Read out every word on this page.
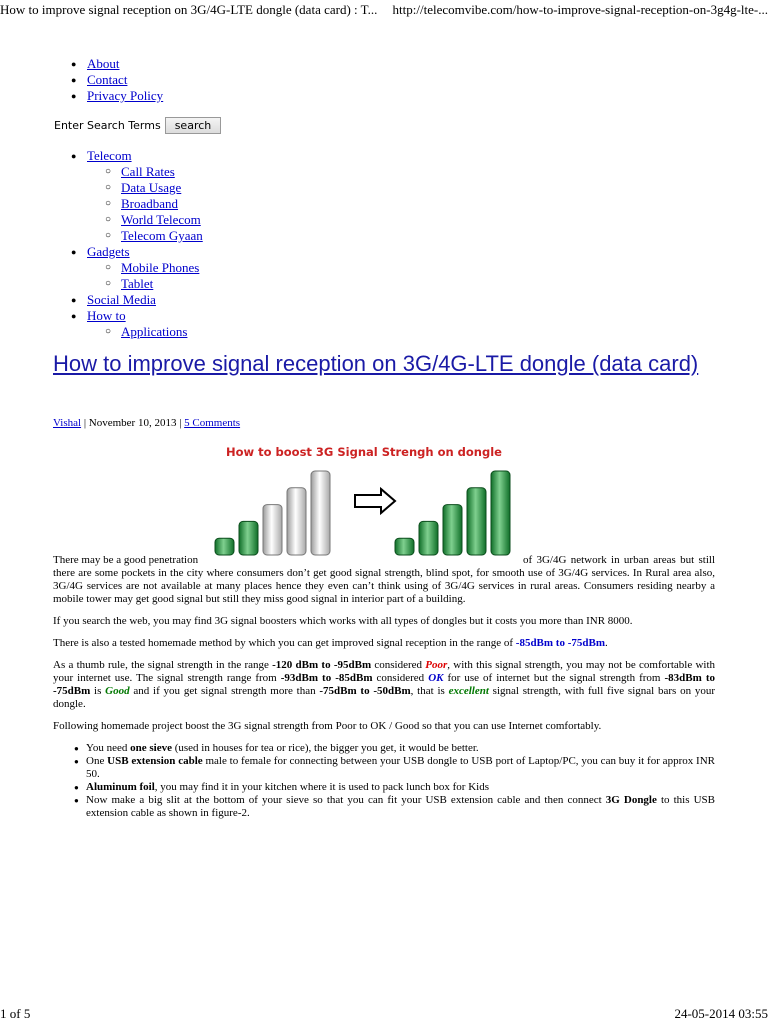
How to improve signal reception on 3G/4G-LTE dongle (data card) : T... http://telecomvibe.com/how-to-improve-signal-reception-on-3g4g-lte-...
● About
● Contact
● Privacy Policy
Enter Search Terms	search
● Telecom
○ Call Rates
○ Data Usage
○ Broadband
○ World Telecom
○ Telecom Gyaan
● Gadgets
○ Mobile Phones
○ Tablet
● Social Media
● How to
○ Applications
How to improve signal reception on 3G/4G-LTE dongle (data card)
Vishal | November 10, 2013 | 5 Comments
How to boost 3G Signal Strengh on dongle

There may be a good penetration	of 3G/4G network in urban areas but still there are some pockets in the city where consumers don’t get good signal strength, blind spot, for smooth use of 3G/4G services. In Rural area also, 3G/4G services are not available at many places hence they even can’t think using of 3G/4G services in rural areas. Consumers residing nearby a mobile tower may get good signal but still they miss good signal in interior part of a building.

If you search the web, you may find 3G signal boosters which works with all types of dongles but it costs you more than INR 8000.

There is also a tested homemade method by which you can get improved signal reception in the range of -85dBm to -75dBm.

As a thumb rule, the signal strength in the range -120 dBm to -95dBm considered Poor, with this signal strength, you may not be comfortable with your internet use. The signal strength range from -93dBm to -85dBm considered OK for use of internet but the signal strength from -83dBm to -75dBm is Good and if you get signal strength more than -75dBm to -50dBm, that is excellent signal strength, with full five signal bars on your dongle.

Following homemade project boost the 3G signal strength from Poor to OK / Good so that you can use Internet comfortably.

● You need one sieve (used in houses for tea or rice), the bigger you get, it would be better.
● One USB extension cable male to female for connecting between your USB dongle to USB port of Laptop/PC, you can buy it for approx INR 50.
● Aluminum foil, you may find it in your kitchen where it is used to pack lunch box for Kids
● Now make a big slit at the bottom of your sieve so that you can fit your USB extension cable and then connect 3G Dongle to this USB extension cable as shown in figure-2.
1 of 5	24-05-2014 03:55
